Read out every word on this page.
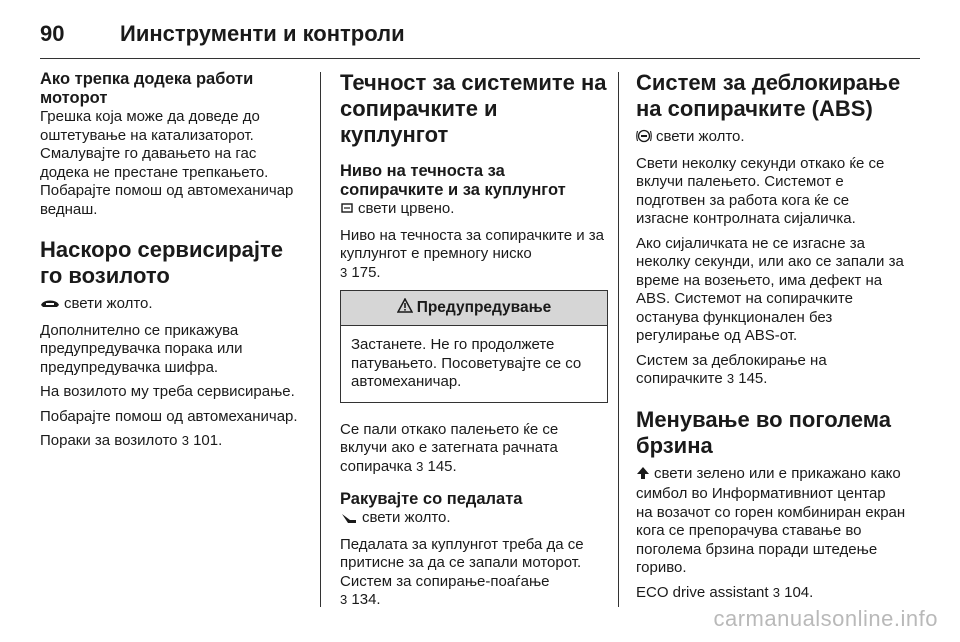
90	Иинструменти и контроли

Ако трепка додека работи моторот

Грешка која може да доведе до оштетување на катализаторот. Смалувајте го давањето на гас додека не престане трепкањето. Побарајте помош од автомеханичар веднаш.

Наскоро сервисирајте го возилото

свети жолто.

Дополнително се прикажува предупредувачка порака или предупредувачка шифра.

На возилото му треба сервисирање.

Побарајте помош од автомеханичар.

Пораки за возилото 3 101.

Течност за системите на сопирачките и куплунгот

Ниво на течноста за сопирачките и за куплунгот

свети црвено.

Ниво на течноста за сопирачките и за куплунгот е премногу ниско

3 175.

Предупредување
Застанете. Не го продолжете патувањето. Посоветувајте се со автомеханичар.

Се пали откако палењето ќе се вклучи ако е затегната рачната сопирачка 3 145.

Ракувајте со педалата

свети жолто.

Педалата за куплунгот треба да се притисне за да се запали моторот. Систем за сопирање-поаѓање

3 134.

Систем за деблокирање на сопирачките (ABS)

свети жолто.

Свети неколку секунди откако ќе се вклучи палењето. Системот е подготвен за работа кога ќе се изгасне контролната сијаличка.

Ако сијаличката не се изгасне за неколку секунди, или ако се запали за време на возењето, има дефект на ABS. Системот на сопирачките останува функционален без регулирање од ABS-от.

Систем за деблокирање на сопирачките 3 145.

Менување во поголема брзина

свети зелено или е прикажано како симбол во Информативниот центар на возачот со горен комбиниран екран кога се препорачува ставање во поголема брзина поради штедење гориво.

ECO drive assistant 3 104.

carmanualsonline.info
